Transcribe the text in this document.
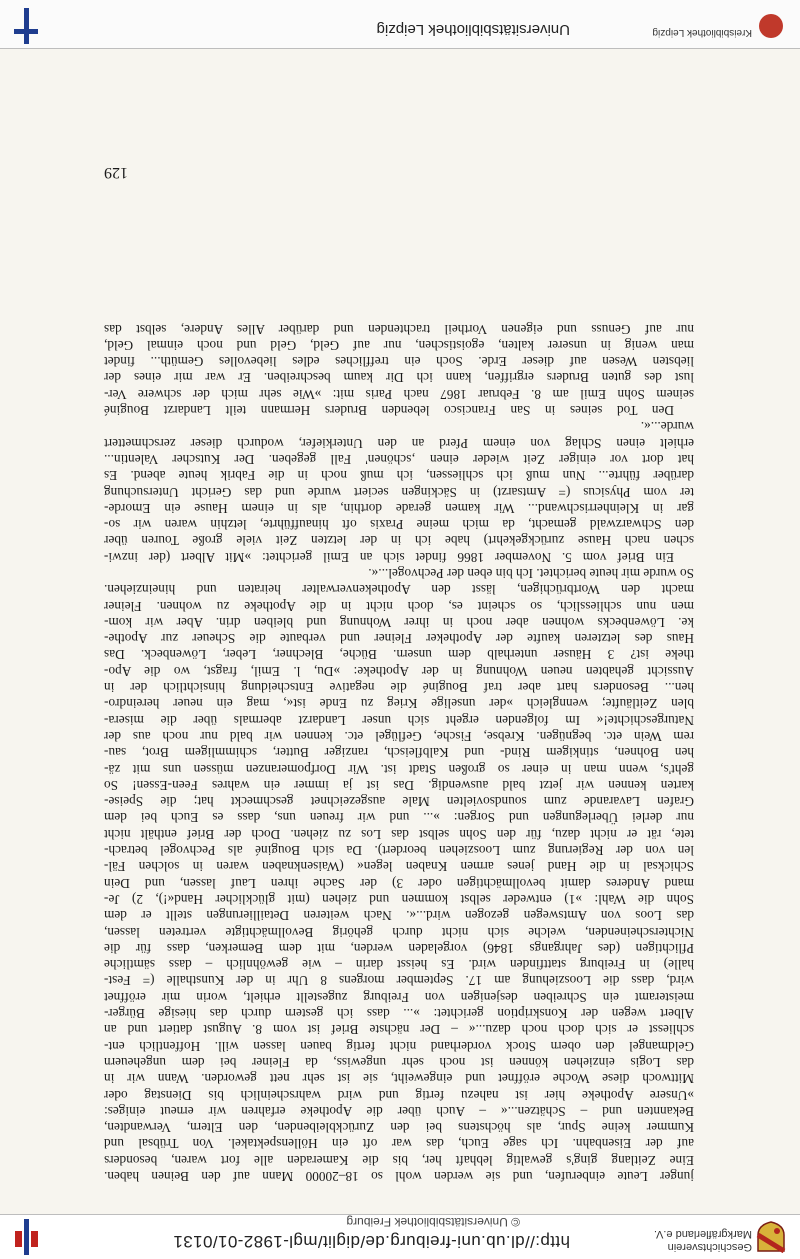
Geschichtsverein
Markgräflerland e.V.
http://dl.ub.uni-freiburg.de/diglit/mgl-1982-01/0131
© Universitätsbibliothek Freiburg

junger Leute einberufen, und sie werden wohl so 18–20000 Mann auf den Beinen haben.

Eine Zeitlang ging's gewaltig lebhaft her, bis die Kameraden alle fort waren, besonders

auf der Eisenbahn. Ich sage Euch, das war oft ein Höllenspektakel. Von Trübsal und

Kummer keine Spur, als höchstens bei den Zurückbleibenden, den Eltern, Verwandten,

Bekannten und – Schätzen...« – Auch über die Apotheke erfahren wir erneut einiges:

»Unsere Apotheke hier ist nahezu fertig und wird wahrscheinlich bis Dienstag oder

Mittwoch diese Woche eröffnet und eingeweiht, sie ist sehr nett geworden. Wann wir in

das Logis einziehen können ist noch sehr ungewiss, da Fleiner bei dem ungeheuern

Geldmangel den obern Stock vorderhand nicht fertig bauen lassen will. Hoffentlich ent-

schliesst er sich doch noch dazu...« – Der nächste Brief ist vom 8. August datiert und an

Albert wegen der Konskription gerichtet: »... dass ich gestern durch das hiesige Bürger-

meisteramt ein Schreiben desjenigen von Freiburg zugestellt erhielt, worin mir eröffnet

wird, dass die Loosziehung am 17. September morgens 8 Uhr in der Kunsthalle (= Fest-

halle) in Freiburg stattfinden wird. Es heisst darin – wie gewöhnlich – dass sämtliche

Pflichtigen (des Jahrgangs 1846) vorgeladen werden, mit dem Bemerken, dass für die

Nichterscheinenden, welche sich nicht durch gehörig Bevollmächtigte vertreten lassen,

das Loos von Amtswegen gezogen wird...«. Nach weiteren Detaillierungen stellt er dem

Sohn die Wahl: »1) entweder selbst kommen und ziehen (mit glücklicher Hand«!), 2) Je-

mand Anderes damit bevollmächtigen oder 3) der Sache ihren Lauf lassen, und Dein

Schicksal in die Hand jenes armen Knaben legen« (Waisenknaben waren in solchen Fäl-

len von der Regierung zum Loosziehen beordert). Da sich Bouginé als Pechvogel betrach-

tete, rät er nicht dazu, für den Sohn selbst das Los zu ziehen. Doch der Brief enthält nicht

nur derlei Überlegungen und Sorgen: »... und wir freuen uns, dass es Euch bei dem

Grafen Lavarande zum soundsovielten Male ausgezeichnet geschmeckt hat; die Speise-

karten kennen wir jetzt bald auswendig. Das ist ja immer ein wahres Feen-Essen! So

geht's, wenn man in einer so großen Stadt ist. Wir Dorfpomeranzen müssen uns mit zä-

hen Bohnen, stinkigem Rind- und Kalbfleisch, ranziger Butter, schimmligem Brot, sau-

rem Wein etc. begnügen. Krebse, Fische, Geflügel etc. kennen wir bald nur noch aus der

Naturgeschichte!« Im folgenden ergeht sich unser Landarzt abermals über die misera-

blen Zeitläufte; wenngleich »der unselige Krieg zu Ende ist«, mag ein neuer hereindro-

hen... Besonders hart aber traf Bouginé die negative Entscheidung hinsichtlich der in

Aussicht gehabten neuen Wohnung in der Apotheke: »Du, l. Emil, fragst, wo die Apo-

theke ist? 3 Häuser unterhalb dem unsern. Büche, Blechner, Leber, Löwenbeck. Das

Haus des letzteren kaufte der Apotheker Fleiner und verbaute die Scheuer zur Apothe-

ke. Löwenbecks wohnen aber noch in ihrer Wohnung und bleiben drin. Aber wir kom-

men nun schliesslich, so scheint es, doch nicht in die Apotheke zu wohnen. Fleiner

macht den Wortbrüchigen, lässt den Apothekenverwalter heiraten und hineinziehen.

So wurde mir heute berichtet. Ich bin eben der Pechvogel...«.

Ein Brief vom 5. November 1866 findet sich an Emil gerichtet: »Mit Albert (der inzwi-

schen nach Hause zurückgekehrt) habe ich in der letzten Zeit viele große Touren über

den Schwarzwald gemacht, da mich meine Praxis oft hinaufführte, letzhin waren wir so-

gar in Kleinherrischwand... Wir kamen gerade dorthin, als in einem Hause ein Emorde-

ter vom Physicus (= Amtsarzt) in Säckingen seciert wurde und das Gericht Untersuchung

darüber führte... Nun muß ich schliessen, ich muß noch in die Fabrik heute abend. Es

hat dort vor einiger Zeit wieder einen ‚schönen' Fall gegeben. Der Kutscher Valentin...

erhielt einen Schlag von einem Pferd an den Unterkiefer, wodurch dieser zerschmettert

wurde...«.

Den Tod seines in San Francisco lebenden Bruders Hermann teilt Landarzt Bouginé

seinem Sohn Emil am 8. Februar 1867 nach Paris mit: »Wie sehr mich der schwere Ver-

lust des guten Bruders ergriffen, kann ich Dir kaum beschreiben. Er war mir eines der

liebsten Wesen auf dieser Erde. Soch ein treffliches edles liebevolles Gemüth... findet

man wenig in unserer kalten, egoistischen, nur auf Geld, Geld und noch einmal Geld,

nur auf Genuss und eigenen Vortheil trachtenden und darüber Alles Andere, selbst das

129
Kreisbibliothek Leipzig
Universitätsbibliothek Leipzig
